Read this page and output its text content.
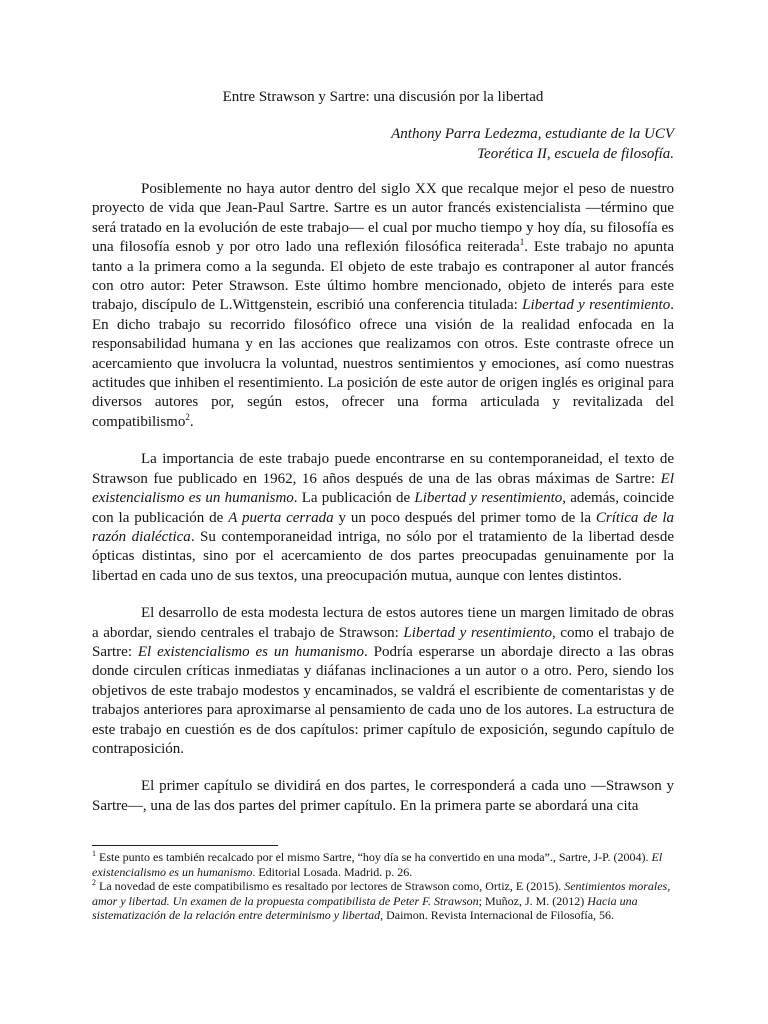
Entre Strawson y Sartre: una discusión por la libertad
Anthony Parra Ledezma, estudiante de la UCV
Teorética II, escuela de filosofía.

Posiblemente no haya autor dentro del siglo XX que recalque mejor el peso de nuestro proyecto de vida que Jean-Paul Sartre. Sartre es un autor francés existencialista —término que será tratado en la evolución de este trabajo— el cual por mucho tiempo y hoy día, su filosofía es una filosofía esnob y por otro lado una reflexión filosófica reiterada$^1$. Este trabajo no apunta tanto a la primera como a la segunda. El objeto de este trabajo es contraponer al autor francés con otro autor: Peter Strawson. Este último hombre mencionado, objeto de interés para este trabajo, discípulo de L.Wittgenstein, escribió una conferencia titulada: Libertad y resentimiento. En dicho trabajo su recorrido filosófico ofrece una visión de la realidad enfocada en la responsabilidad humana y en las acciones que realizamos con otros. Este contraste ofrece un acercamiento que involucra la voluntad, nuestros sentimientos y emociones, así como nuestras actitudes que inhiben el resentimiento. La posición de este autor de origen inglés es original para diversos autores por, según estos, ofrecer una forma articulada y revitalizada del compatibilismo$^2$.

La importancia de este trabajo puede encontrarse en su contemporaneidad, el texto de Strawson fue publicado en 1962, 16 años después de una de las obras máximas de Sartre: El existencialismo es un humanismo. La publicación de Libertad y resentimiento, además, coincide con la publicación de A puerta cerrada y un poco después del primer tomo de la Crítica de la razón dialéctica. Su contemporaneidad intriga, no sólo por el tratamiento de la libertad desde ópticas distintas, sino por el acercamiento de dos partes preocupadas genuinamente por la libertad en cada uno de sus textos, una preocupación mutua, aunque con lentes distintos.

El desarrollo de esta modesta lectura de estos autores tiene un margen limitado de obras a abordar, siendo centrales el trabajo de Strawson: Libertad y resentimiento, como el trabajo de Sartre: El existencialismo es un humanismo. Podría esperarse un abordaje directo a las obras donde circulen críticas inmediatas y diáfanas inclinaciones a un autor o a otro. Pero, siendo los objetivos de este trabajo modestos y encaminados, se valdrá el escribiente de comentaristas y de trabajos anteriores para aproximarse al pensamiento de cada uno de los autores. La estructura de este trabajo en cuestión es de dos capítulos: primer capítulo de exposición, segundo capítulo de contraposición.

El primer capítulo se dividirá en dos partes, le corresponderá a cada uno —Strawson y Sartre—, una de las dos partes del primer capítulo. En la primera parte se abordará una cita

$^1$ Este punto es también recalcado por el mismo Sartre, “hoy día se ha convertido en una moda”., Sartre, J-P. (2004). El existencialismo es un humanismo. Editorial Losada. Madrid. p. 26.

$^2$ La novedad de este compatibilismo es resaltado por lectores de Strawson como, Ortiz, E (2015). Sentimientos morales, amor y libertad. Un examen de la propuesta compatibilista de Peter F. Strawson; Muñoz, J. M. (2012) Hacia una sistematización de la relación entre determinismo y libertad, Daimon. Revista Internacional de Filosofía, 56.
